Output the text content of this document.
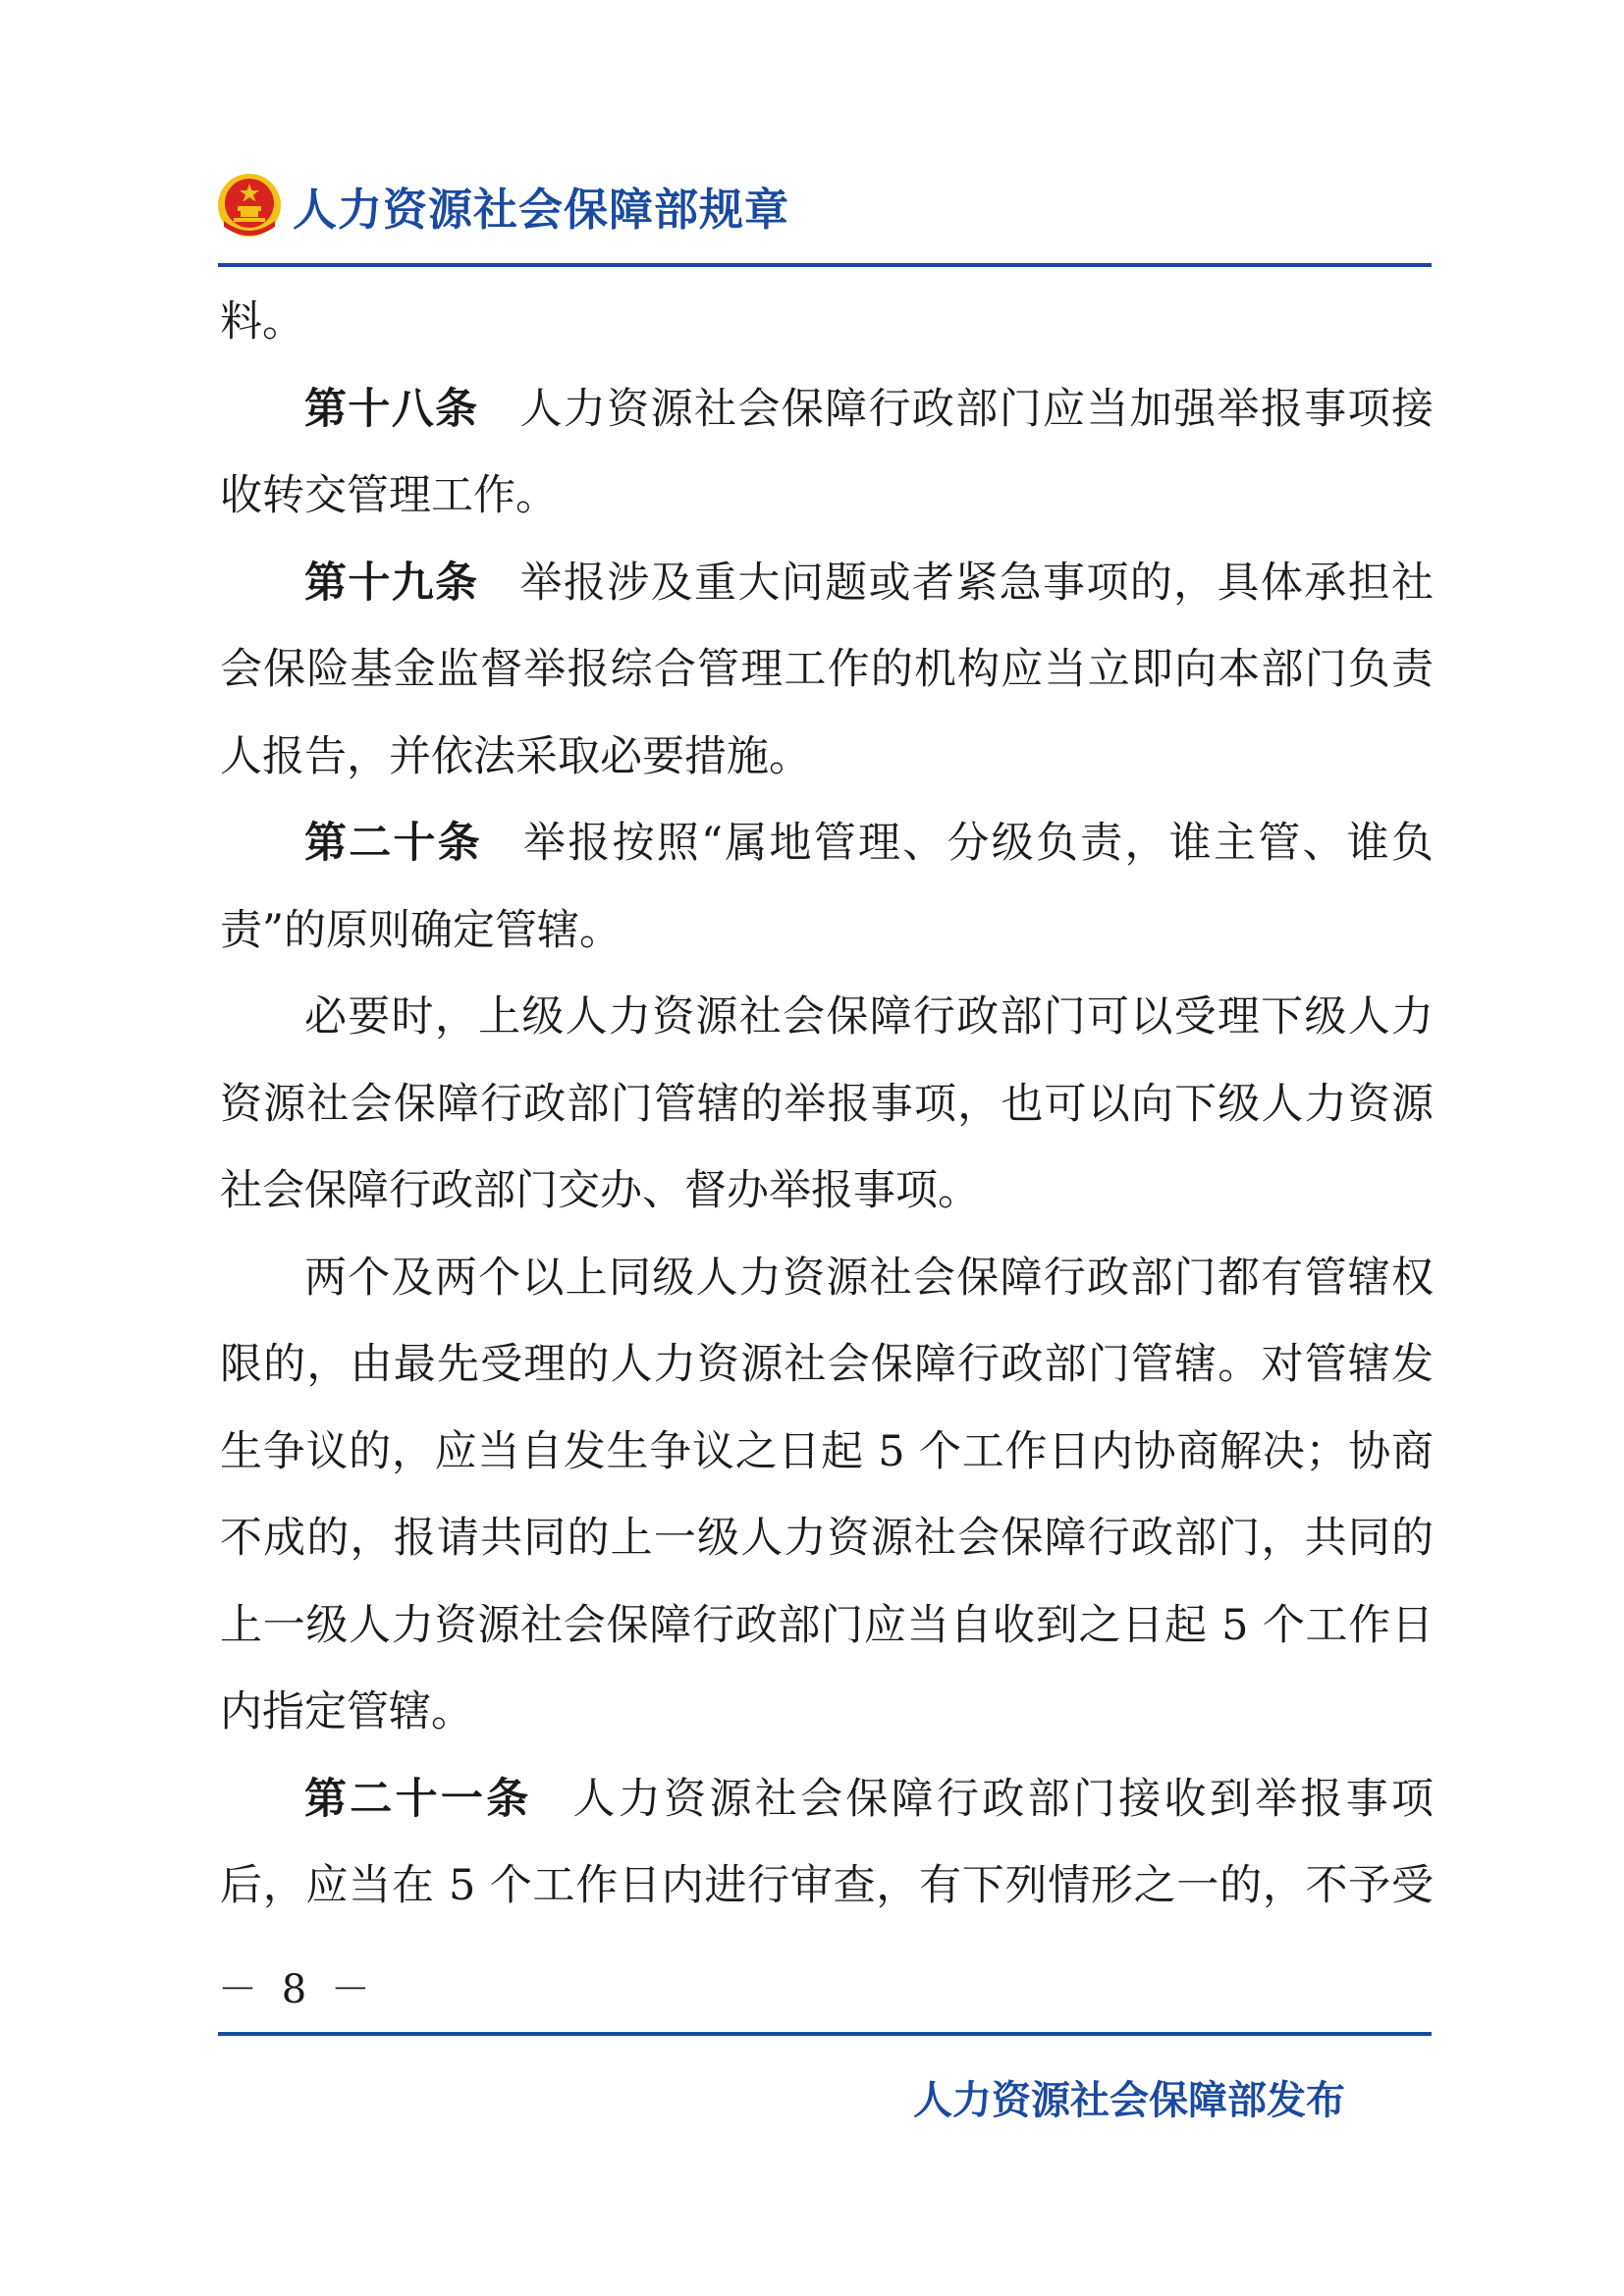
人力资源社会保障部规章

料。

第十八条 人力资源社会保障行政部门应当加强举报事项接收转交管理工作。

第十九条 举报涉及重大问题或者紧急事项的，具体承担社会保险基金监督举报综合管理工作的机构应当立即向本部门负责人报告，并依法采取必要措施。

第二十条 举报按照“属地管理、分级负责，谁主管、谁负责”的原则确定管辖。

必要时，上级人力资源社会保障行政部门可以受理下级人力资源社会保障行政部门管辖的举报事项，也可以向下级人力资源社会保障行政部门交办、督办举报事项。

两个及两个以上同级人力资源社会保障行政部门都有管辖权限的，由最先受理的人力资源社会保障行政部门管辖。对管辖发生争议的，应当自发生争议之日起 5 个工作日内协商解决；协商不成的，报请共同的上一级人力资源社会保障行政部门，共同的上一级人力资源社会保障行政部门应当自收到之日起 5 个工作日内指定管辖。

第二十一条 人力资源社会保障行政部门接收到举报事项后，应当在 5 个工作日内进行审查，有下列情形之一的，不予受

－ 8 －
人力资源社会保障部发布
